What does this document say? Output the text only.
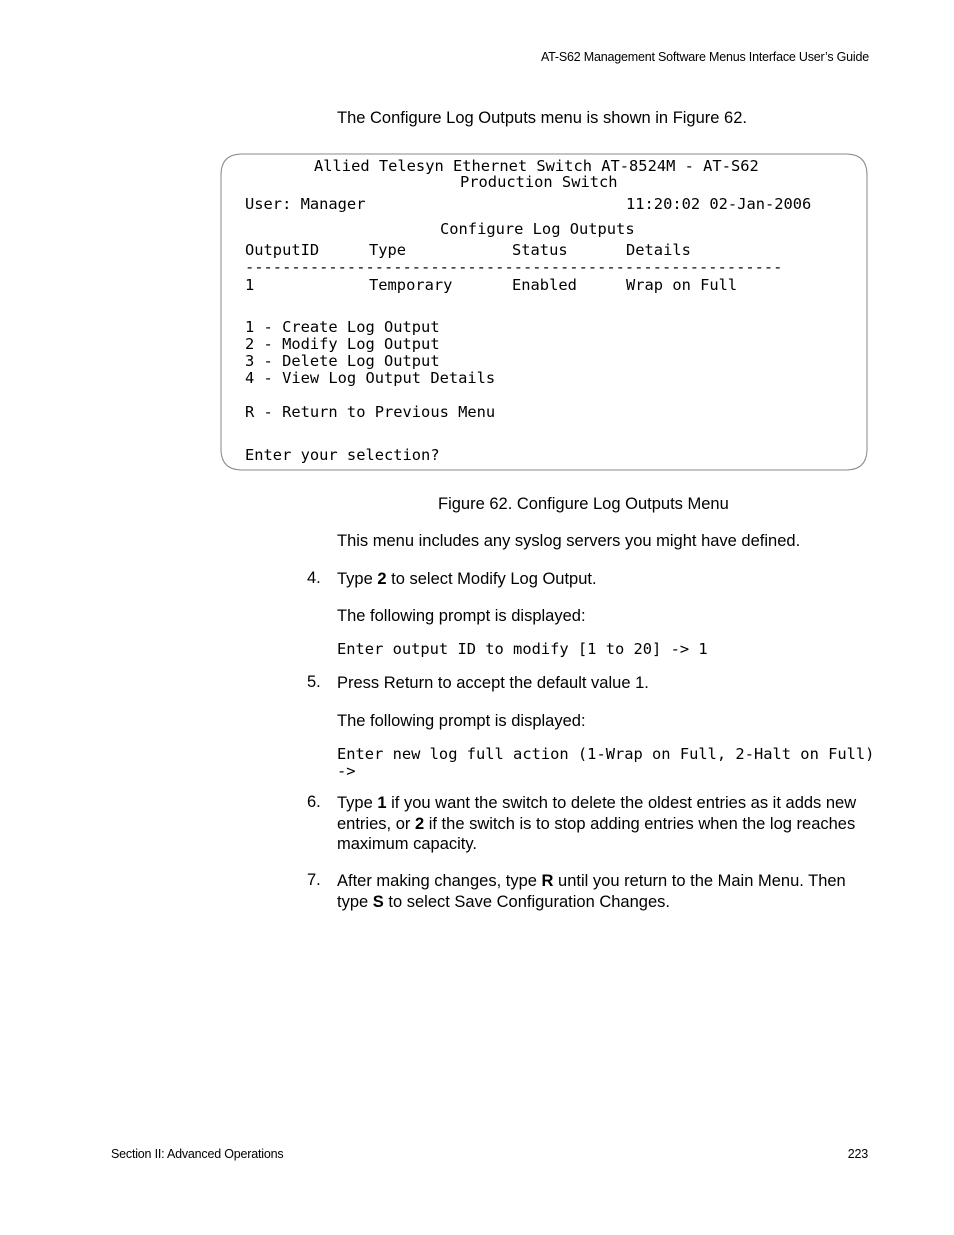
AT-S62 Management Software Menus Interface User’s Guide
The Configure Log Outputs menu is shown in Figure 62.
Allied Telesyn Ethernet Switch AT-8524M - AT-S62
Production Switch
User: Manager	11:20:02 02-Jan-2006
Configure Log Outputs
OutputID	Type	Status	Details
----------------------------------------------------------
1	Temporary	Enabled	Wrap on Full
1 - Create Log Output
2 - Modify Log Output
3 - Delete Log Output
4 - View Log Output Details
R - Return to Previous Menu
Enter your selection?
Figure 62. Configure Log Outputs Menu
This menu includes any syslog servers you might have defined.
4. Type 2 to select Modify Log Output.
The following prompt is displayed:
Enter output ID to modify [1 to 20] -> 1
5. Press Return to accept the default value 1.
The following prompt is displayed:
Enter new log full action (1-Wrap on Full, 2-Halt on Full)
->
6. Type 1 if you want the switch to delete the oldest entries as it adds new entries, or 2 if the switch is to stop adding entries when the log reaches maximum capacity.
7. After making changes, type R until you return to the Main Menu. Then type S to select Save Configuration Changes.
Section II: Advanced Operations	223
